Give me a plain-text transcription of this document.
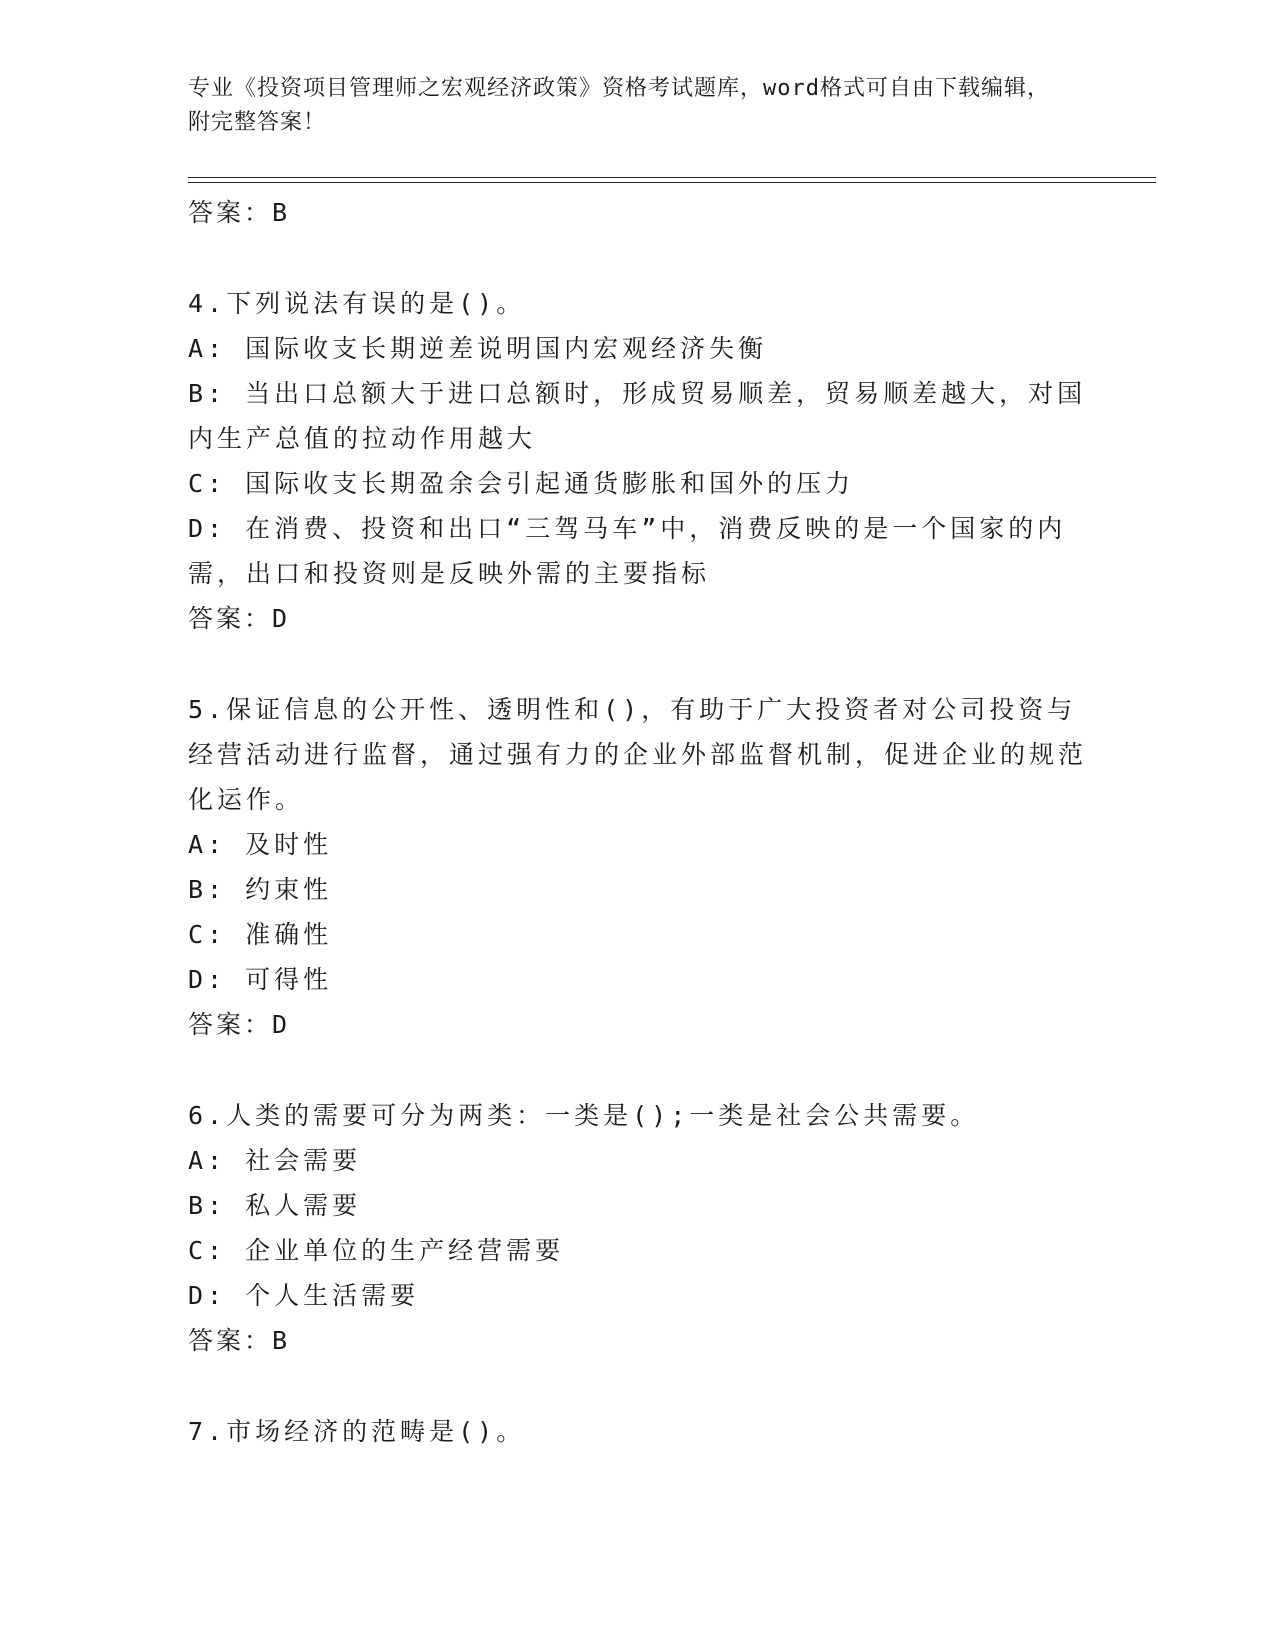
专业《投资项目管理师之宏观经济政策》资格考试题库，word格式可自由下载编辑，附完整答案！

答案：B

4.下列说法有误的是()。

A: 国际收支长期逆差说明国内宏观经济失衡

B: 当出口总额大于进口总额时，形成贸易顺差，贸易顺差越大，对国内生产总值的拉动作用越大

C: 国际收支长期盈余会引起通货膨胀和国外的压力

D: 在消费、投资和出口“三驾马车”中，消费反映的是一个国家的内需，出口和投资则是反映外需的主要指标

答案：D

5.保证信息的公开性、透明性和()，有助于广大投资者对公司投资与经营活动进行监督，通过强有力的企业外部监督机制，促进企业的规范化运作。

A: 及时性

B: 约束性

C: 准确性

D: 可得性

答案：D

6.人类的需要可分为两类：一类是();一类是社会公共需要。

A: 社会需要

B: 私人需要

C: 企业单位的生产经营需要

D: 个人生活需要

答案：B

7.市场经济的范畴是()。
